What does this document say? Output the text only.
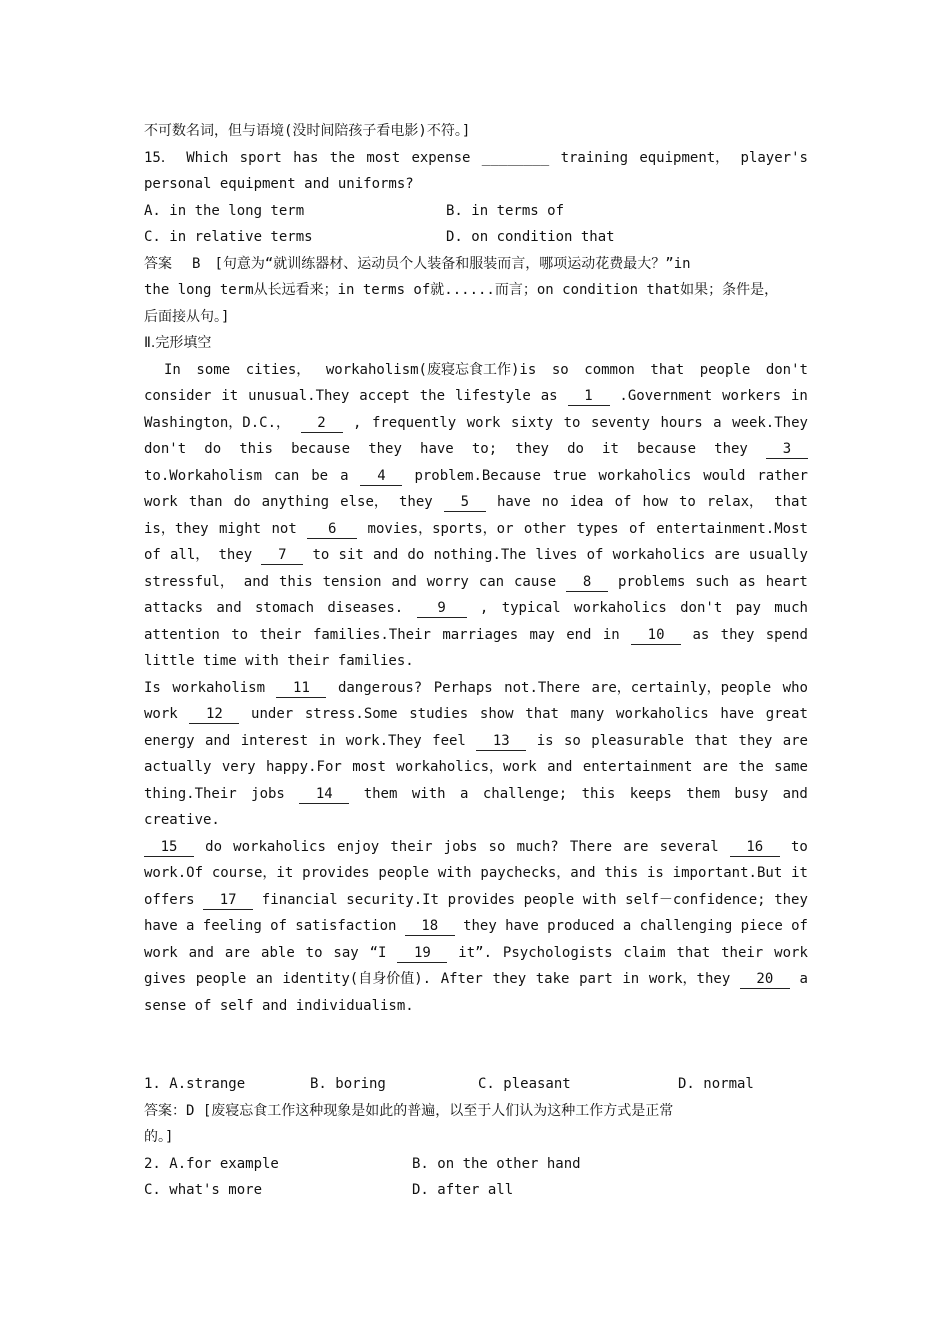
不可数名词，但与语境(没时间陪孩子看电影)不符。]
15． Which sport has the most expense ________ training equipment， player's
personal equipment and uniforms?
A. in the long term	B. in terms of
C. in relative terms	D. on condition that
答案 B [句意为“就训练器材、运动员个人装备和服装而言，哪项运动花费最大？”in
the long term从长远看来；in terms of就......而言；on condition that如果；条件是，
后面接从句。]
Ⅱ.完形填空
In some cities， workaholism(废寝忘食工作)is so common that people don't
consider it unusual.They accept the lifestyle as	1	.Government workers in
Washington，D.C.，	2	, frequently work sixty to seventy hours a week.They
don't do this because they have to; they do it because they	3
to.Workaholism can be a	4	problem.Because true workaholics would rather
work than do anything else， they	5	have no idea of how to relax， that
is，they might not	6	movies，sports，or other types of entertainment.Most
of all， they	7	to sit and do nothing.The lives of workaholics are usually
stressful， and this tension and worry can cause	8	problems such as heart
attacks and stomach diseases.	9	, typical workaholics don't pay much
attention to their families.Their marriages may end in	10	as they spend
little time with their families.
Is workaholism	11	dangerous? Perhaps not.There are，certainly，people who
work	12	under stress.Some studies show that many workaholics have great
energy and interest in work.They feel	13	is so pleasurable that they are
actually very happy.For most workaholics，work and entertainment are the same
thing.Their jobs	14	them with a challenge; this keeps them busy and
creative.
15	do workaholics enjoy their jobs so much? There are several	16	to
work.Of course，it provides people with paychecks，and this is important.But it
offers	17	financial security.It provides people with self－confidence; they
have a feeling of satisfaction	18	they have produced a challenging piece of
work and are able to say “I	19	it”. Psychologists claim that their work
gives people an identity(自身价值). After they take part in work，they	20	a
sense of self and individualism.
1. A.strange	B. boring	C. pleasant	D. normal
答案：D [废寝忘食工作这种现象是如此的普遍，以至于人们认为这种工作方式是正常
的。]
2. A.for example	B. on the other hand
C. what's more	D. after all
